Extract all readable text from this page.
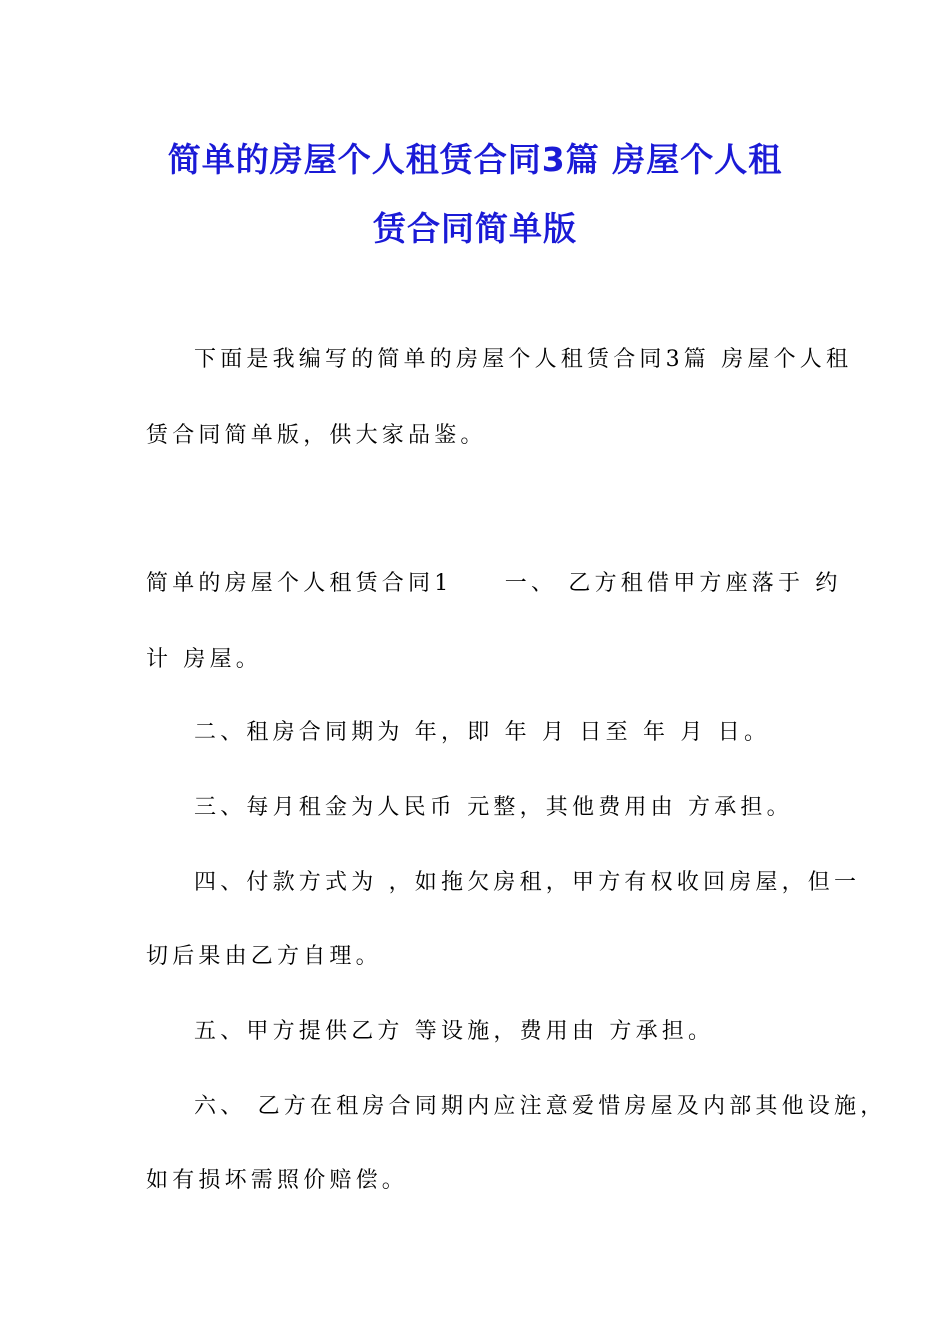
简单的房屋个人租赁合同3篇 房屋个人租
赁合同简单版
下面是我编写的简单的房屋个人租赁合同3篇 房屋个人租
赁合同简单版，供大家品鉴。
简单的房屋个人租赁合同1　　一、 乙方租借甲方座落于 约
计 房屋。
二、租房合同期为 年，即 年 月 日至 年 月 日。
三、每月租金为人民币 元整，其他费用由 方承担。
四、付款方式为 ，如拖欠房租，甲方有权收回房屋，但一
切后果由乙方自理。
五、甲方提供乙方 等设施，费用由 方承担。
六、 乙方在租房合同期内应注意爱惜房屋及内部其他设施，
如有损坏需照价赔偿。
